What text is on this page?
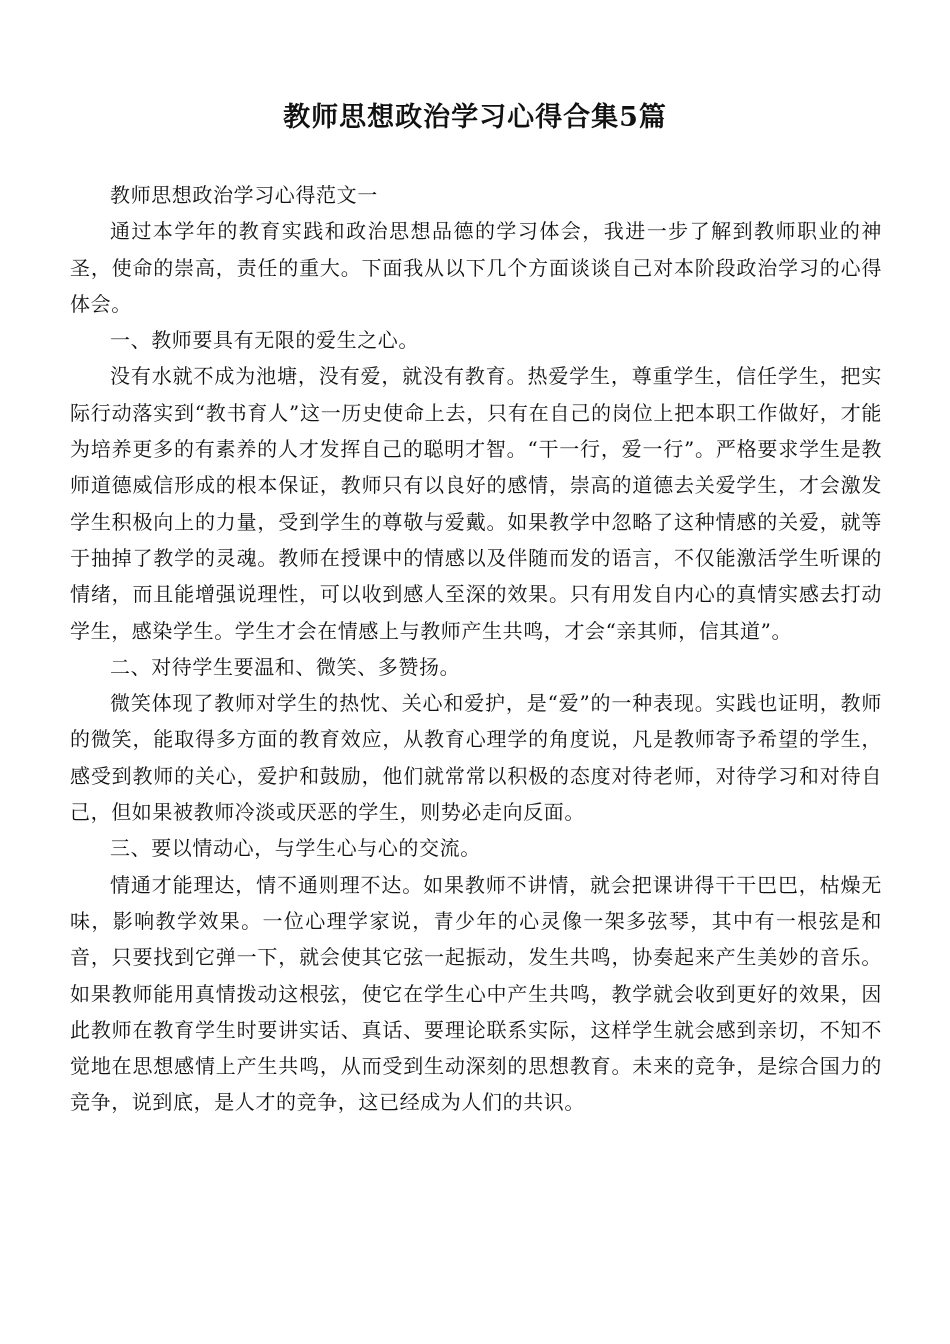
教师思想政治学习心得合集5篇

教师思想政治学习心得范文一

通过本学年的教育实践和政治思想品德的学习体会，我进一步了解到教师职业的神圣，使命的崇高，责任的重大。下面我从以下几个方面谈谈自己对本阶段政治学习的心得体会。

一、教师要具有无限的爱生之心。

没有水就不成为池塘，没有爱，就没有教育。热爱学生，尊重学生，信任学生，把实际行动落实到“教书育人”这一历史使命上去，只有在自己的岗位上把本职工作做好，才能为培养更多的有素养的人才发挥自己的聪明才智。“干一行，爱一行”。严格要求学生是教师道德威信形成的根本保证，教师只有以良好的感情，崇高的道德去关爱学生，才会激发学生积极向上的力量，受到学生的尊敬与爱戴。如果教学中忽略了这种情感的关爱，就等于抽掉了教学的灵魂。教师在授课中的情感以及伴随而发的语言，不仅能激活学生听课的情绪，而且能增强说理性，可以收到感人至深的效果。只有用发自内心的真情实感去打动学生，感染学生。学生才会在情感上与教师产生共鸣，才会“亲其师，信其道”。

二、对待学生要温和、微笑、多赞扬。

微笑体现了教师对学生的热忱、关心和爱护，是“爱”的一种表现。实践也证明，教师的微笑，能取得多方面的教育效应，从教育心理学的角度说，凡是教师寄予希望的学生，感受到教师的关心，爱护和鼓励，他们就常常以积极的态度对待老师，对待学习和对待自己，但如果被教师冷淡或厌恶的学生，则势必走向反面。

三、要以情动心，与学生心与心的交流。

情通才能理达，情不通则理不达。如果教师不讲情，就会把课讲得干干巴巴，枯燥无味，影响教学效果。一位心理学家说，青少年的心灵像一架多弦琴，其中有一根弦是和音，只要找到它弹一下，就会使其它弦一起振动，发生共鸣，协奏起来产生美妙的音乐。如果教师能用真情拨动这根弦，使它在学生心中产生共鸣，教学就会收到更好的效果，因此教师在教育学生时要讲实话、真话、要理论联系实际，这样学生就会感到亲切，不知不觉地在思想感情上产生共鸣，从而受到生动深刻的思想教育。未来的竞争，是综合国力的竞争，说到底，是人才的竞争，这已经成为人们的共识。
